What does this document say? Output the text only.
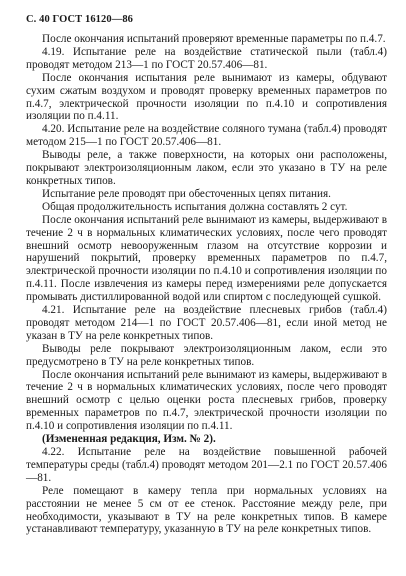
С. 40 ГОСТ 16120—86

После окончания испытаний проверяют временные параметры по п.4.7.

4.19. Испытание реле на воздействие статической пыли (табл.4) проводят методом 213—1 по ГОСТ 20.57.406—81.

После окончания испытания реле вынимают из камеры, обдувают сухим сжатым воздухом и проводят проверку временных параметров по п.4.7, электрической прочности изоляции по п.4.10 и сопротивления изоляции по п.4.11.

4.20. Испытание реле на воздействие соляного тумана (табл.4) проводят методом 215—1 по ГОСТ 20.57.406—81.

Выводы реле, а также поверхности, на которых они расположены, покрывают электроизоляционным лаком, если это указано в ТУ на реле конкретных типов.

Испытание реле проводят при обесточенных цепях питания.

Общая продолжительность испытания должна составлять 2 сут.

После окончания испытаний реле вынимают из камеры, выдерживают в течение 2 ч в нормальных климатических условиях, после чего проводят внешний осмотр невооруженным глазом на отсутствие коррозии и нарушений покрытий, проверку временных параметров по п.4.7, электрической прочности изоляции по п.4.10 и сопротивления изоляции по п.4.11. После извлечения из камеры перед измерениями реле допускается промывать дистиллированной водой или спиртом с последующей сушкой.

4.21. Испытание реле на воздействие плесневых грибов (табл.4) проводят методом 214—1 по ГОСТ 20.57.406—81, если иной метод не указан в ТУ на реле конкретных типов.

Выводы реле покрывают электроизоляционным лаком, если это предусмотрено в ТУ на реле конкретных типов.

После окончания испытаний реле вынимают из камеры, выдерживают в течение 2 ч в нормальных климатических условиях, после чего проводят внешний осмотр с целью оценки роста плесневых грибов, проверку временных параметров по п.4.7, электрической прочности изоляции по п.4.10 и сопротивления изоляции по п.4.11.

(Измененная редакция, Изм. № 2).

4.22. Испытание реле на воздействие повышенной рабочей температуры среды (табл.4) проводят методом 201—2.1 по ГОСТ 20.57.406—81.

Реле помещают в камеру тепла при нормальных условиях на расстоянии не менее 5 см от ее стенок. Расстояние между реле, при необходимости, указывают в ТУ на реле конкретных типов. В камере устанавливают температуру, указанную в ТУ на реле конкретных типов.
